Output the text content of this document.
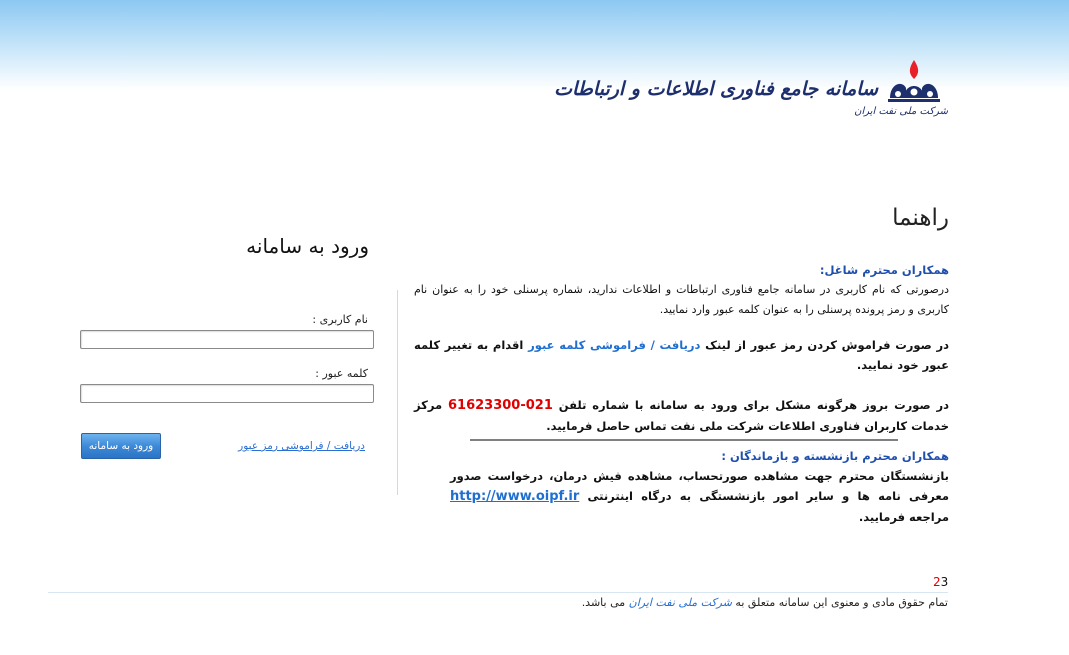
سامانه جامع فناوری اطلاعات و ارتباطات
شرکت ملی نفت ایران
راهنما
همکاران محترم شاغل:
درصورتی که نام کاربری در سامانه جامع فناوری ارتباطات و اطلاعات ندارید، شماره پرسنلی خود را به عنوان نام کاربری و رمز پرونده پرسنلی را به عنوان کلمه عبور وارد نمایید.
در صورت فراموش کردن رمز عبور از لینک دریافت / فراموشی کلمه عبور اقدام به تغییر کلمه عبور خود نمایید.
در صورت بروز هرگونه مشکل برای ورود به سامانه با شماره تلفن 021-61623300 مرکز خدمات کاربران فناوری اطلاعات شرکت ملی نفت تماس حاصل فرمایید.
همکاران محترم بازنشسته و بازماندگان :
بازنشستگان محترم جهت مشاهده صورتحساب، مشاهده فیش درمان، درخواست صدور معرفی نامه ها و سایر امور بازنشستگی به درگاه اینترنتی http://www.oipf.ir مراجعه فرمایید.
ورود به سامانه
نام کاربری :
کلمه عبور :
ورود به سامانه	دریافت / فراموشی رمز عبور
23
تمام حقوق مادی و معنوی این سامانه متعلق به شرکت ملی نفت ایران می باشد.
